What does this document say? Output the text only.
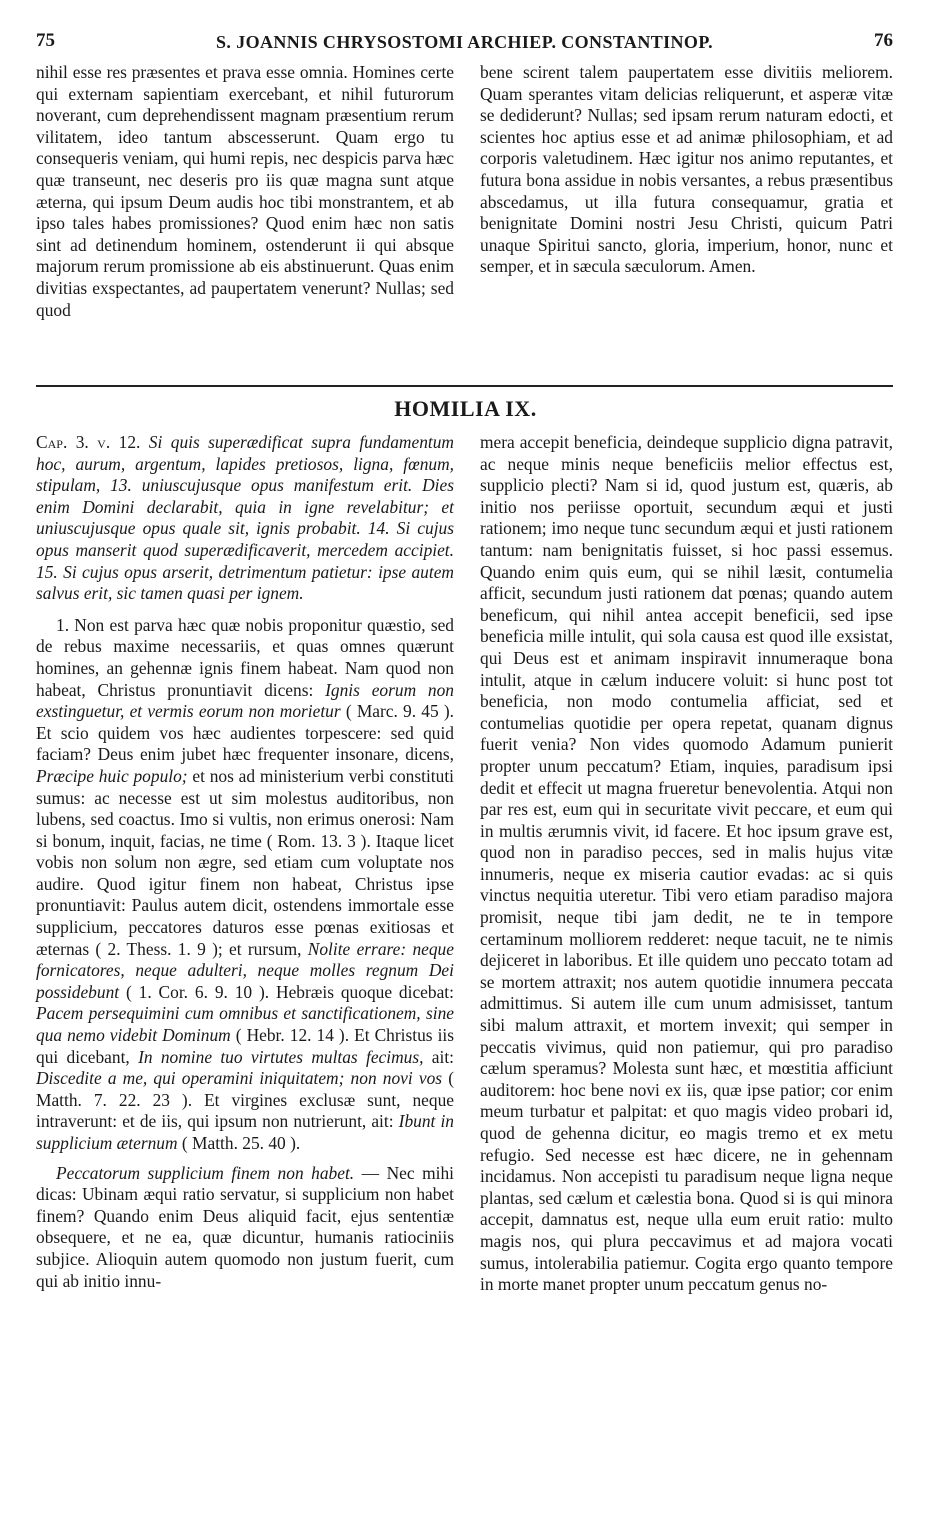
75	S. JOANNIS CHRYSOSTOMI ARCHIEP. CONSTANTINOP.	76

nihil esse res præsentes et prava esse omnia. Homines certe qui externam sapientiam exercebant, et nihil futurorum noverant, cum deprehendissent magnam præsentium rerum vilitatem, ideo tantum abscesserunt. Quam ergo tu consequeris veniam, qui humi repis, nec despicis parva hæc quæ transeunt, nec deseris pro iis quæ magna sunt atque æterna, qui ipsum Deum audis hoc tibi monstrantem, et ab ipso tales habes promissiones? Quod enim hæc non satis sint ad detinendum hominem, ostenderunt ii qui absque majorum rerum promissione ab eis abstinuerunt. Quas enim divitias exspectantes, ad paupertatem venerunt? Nullas; sed quod

bene scirent talem paupertatem esse divitiis meliorem. Quam sperantes vitam delicias reliquerunt, et asperæ vitæ se dediderunt? Nullas; sed ipsam rerum naturam edocti, et scientes hoc aptius esse et ad animæ philosophiam, et ad corporis valetudinem. Hæc igitur nos animo reputantes, et futura bona assidue in nobis versantes, a rebus præsentibus abscedamus, ut illa futura consequamur, gratia et benignitate Domini nostri Jesu Christi, quicum Patri unaque Spiritui sancto, gloria, imperium, honor, nunc et semper, et in sæcula sæculorum. Amen.

HOMILIA IX.

Cap. 3. v. 12. Si quis superædificat supra fundamentum hoc, aurum, argentum, lapides pretiosos, ligna, fœnum, stipulam, 13. uniuscujusque opus manifestum erit. Dies enim Domini declarabit, quia in igne revelabitur; et uniuscujusque opus quale sit, ignis probabit. 14. Si cujus opus manserit quod superædificaverit, mercedem accipiet. 15. Si cujus opus arserit, detrimentum patietur: ipse autem salvus erit, sic tamen quasi per ignem.

1. Non est parva hæc quæ nobis proponitur quæstio, sed de rebus maxime necessariis, et quas omnes quærunt homines, an gehennæ ignis finem habeat. Nam quod non habeat, Christus pronuntiavit dicens: Ignis eorum non exstinguetur, et vermis eorum non morietur ( Marc. 9. 45 ). Et scio quidem vos hæc audientes torpescere: sed quid faciam? Deus enim jubet hæc frequenter insonare, dicens, Præcipe huic populo; et nos ad ministerium verbi constituti sumus: ac necesse est ut sim molestus auditoribus, non lubens, sed coactus. Imo si vultis, non erimus onerosi: Nam si bonum, inquit, facias, ne time ( Rom. 13. 3 ). Itaque licet vobis non solum non ægre, sed etiam cum voluptate nos audire. Quod igitur finem non habeat, Christus ipse pronuntiavit: Paulus autem dicit, ostendens immortale esse supplicium, peccatores daturos esse pœnas exitiosas et æternas ( 2. Thess. 1. 9 ); et rursum, Nolite errare: neque fornicatores, neque adulteri, neque molles regnum Dei possidebunt ( 1. Cor. 6. 9. 10 ). Hebræis quoque dicebat: Pacem persequimini cum omnibus et sanctificationem, sine qua nemo videbit Dominum ( Hebr. 12. 14 ). Et Christus iis qui dicebant, In nomine tuo virtutes multas fecimus, ait: Discedite a me, qui operamini iniquitatem; non novi vos ( Matth. 7. 22. 23 ). Et virgines exclusæ sunt, neque intraverunt: et de iis, qui ipsum non nutrierunt, ait: Ibunt in supplicium æternum ( Matth. 25. 40 ).

Peccatorum supplicium finem non habet. — Nec mihi dicas: Ubinam æqui ratio servatur, si supplicium non habet finem? Quando enim Deus aliquid facit, ejus sententiæ obsequere, et ne ea, quæ dicuntur, humanis ratiociniis subjice. Alioquin autem quomodo non justum fuerit, cum qui ab initio innu-

mera accepit beneficia, deindeque supplicio digna patravit, ac neque minis neque beneficiis melior effectus est, supplicio plecti? Nam si id, quod justum est, quæris, ab initio nos periisse oportuit, secundum æqui et justi rationem; imo neque tunc secundum æqui et justi rationem tantum: nam benignitatis fuisset, si hoc passi essemus. Quando enim quis eum, qui se nihil læsit, contumelia afficit, secundum justi rationem dat pœnas; quando autem beneficum, qui nihil antea accepit beneficii, sed ipse beneficia mille intulit, qui sola causa est quod ille exsistat, qui Deus est et animam inspiravit innumeraque bona intulit, atque in cælum inducere voluit: si hunc post tot beneficia, non modo contumelia afficiat, sed et contumelias quotidie per opera repetat, quanam dignus fuerit venia? Non vides quomodo Adamum punierit propter unum peccatum? Etiam, inquies, paradisum ipsi dedit et effecit ut magna frueretur benevolentia. Atqui non par res est, eum qui in securitate vivit peccare, et eum qui in multis ærumnis vivit, id facere. Et hoc ipsum grave est, quod non in paradiso pecces, sed in malis hujus vitæ innumeris, neque ex miseria cautior evadas: ac si quis vinctus nequitia uteretur. Tibi vero etiam paradiso majora promisit, neque tibi jam dedit, ne te in tempore certaminum molliorem redderet: neque tacuit, ne te nimis dejiceret in laboribus. Et ille quidem uno peccato totam ad se mortem attraxit; nos autem quotidie innumera peccata admittimus. Si autem ille cum unum admisisset, tantum sibi malum attraxit, et mortem invexit; qui semper in peccatis vivimus, quid non patiemur, qui pro paradiso cælum speramus? Molesta sunt hæc, et mœstitia afficiunt auditorem: hoc bene novi ex iis, quæ ipse patior; cor enim meum turbatur et palpitat: et quo magis video probari id, quod de gehenna dicitur, eo magis tremo et ex metu refugio. Sed necesse est hæc dicere, ne in gehennam incidamus. Non accepisti tu paradisum neque ligna neque plantas, sed cælum et cælestia bona. Quod si is qui minora accepit, damnatus est, neque ulla eum eruit ratio: multo magis nos, qui plura peccavimus et ad majora vocati sumus, intolerabilia patiemur. Cogita ergo quanto tempore in morte manet propter unum peccatum genus no-
